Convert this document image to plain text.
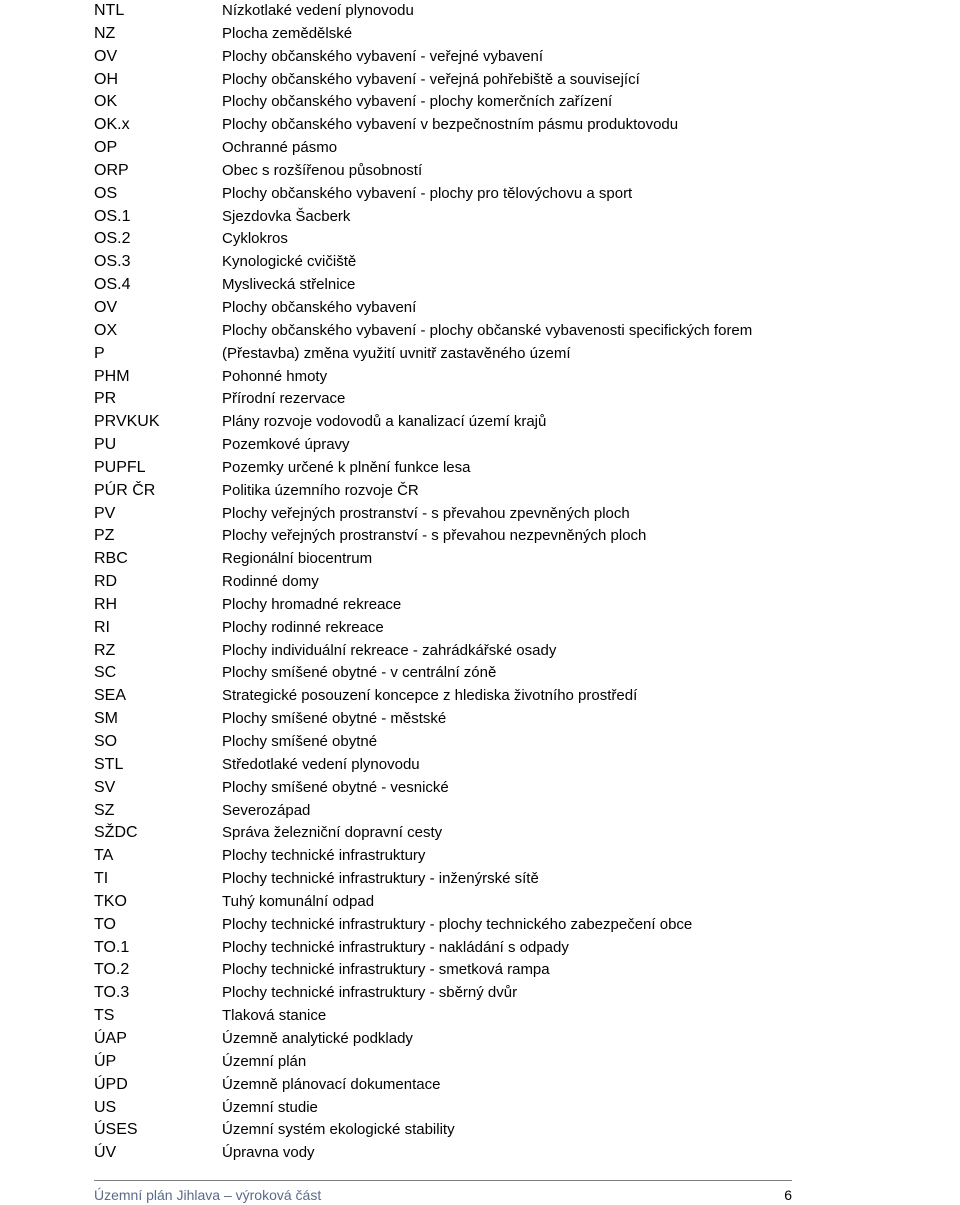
NTL	Nízkotlaké vedení plynovodu
NZ	Plocha zemědělské
OV	Plochy občanského vybavení - veřejné vybavení
OH	Plochy občanského vybavení - veřejná pohřebiště a související
OK	Plochy občanského vybavení - plochy komerčních zařízení
OK.x	Plochy občanského vybavení v bezpečnostním pásmu produktovodu
OP	Ochranné pásmo
ORP	Obec s rozšířenou působností
OS	Plochy občanského vybavení - plochy pro tělovýchovu a sport
OS.1	Sjezdovka Šacberk
OS.2	Cyklokros
OS.3	Kynologické cvičiště
OS.4	Myslivecká střelnice
OV	Plochy občanského vybavení
OX	Plochy občanského vybavení - plochy občanské vybavenosti specifických forem
P	(Přestavba) změna využití uvnitř zastavěného území
PHM	Pohonné hmoty
PR	Přírodní rezervace
PRVKUK	Plány rozvoje vodovodů a kanalizací území krajů
PU	Pozemkové úpravy
PUPFL	Pozemky určené k plnění funkce lesa
PÚR ČR	Politika územního rozvoje ČR
PV	Plochy veřejných prostranství - s převahou zpevněných ploch
PZ	Plochy veřejných prostranství - s převahou nezpevněných ploch
RBC	Regionální biocentrum
RD	Rodinné domy
RH	Plochy hromadné rekreace
RI	Plochy rodinné rekreace
RZ	Plochy individuální rekreace - zahrádkářské osady
SC	Plochy smíšené obytné - v centrální zóně
SEA	Strategické posouzení koncepce z hlediska životního prostředí
SM	Plochy smíšené obytné - městské
SO	Plochy smíšené obytné
STL	Středotlaké vedení plynovodu
SV	Plochy smíšené obytné - vesnické
SZ	Severozápad
SŽDC	Správa železniční dopravní cesty
TA	Plochy technické infrastruktury
TI	Plochy technické infrastruktury - inženýrské sítě
TKO	Tuhý komunální odpad
TO	Plochy technické infrastruktury - plochy technického zabezpečení obce
TO.1	Plochy technické infrastruktury - nakládání s odpady
TO.2	Plochy technické infrastruktury - smetková rampa
TO.3	Plochy technické infrastruktury - sběrný dvůr
TS	Tlaková stanice
ÚAP	Územně analytické podklady
ÚP	Územní plán
ÚPD	Územně plánovací dokumentace
US	Územní studie
ÚSES	Územní systém ekologické stability
ÚV	Úpravna vody
Územní plán Jihlava – výroková část	6
